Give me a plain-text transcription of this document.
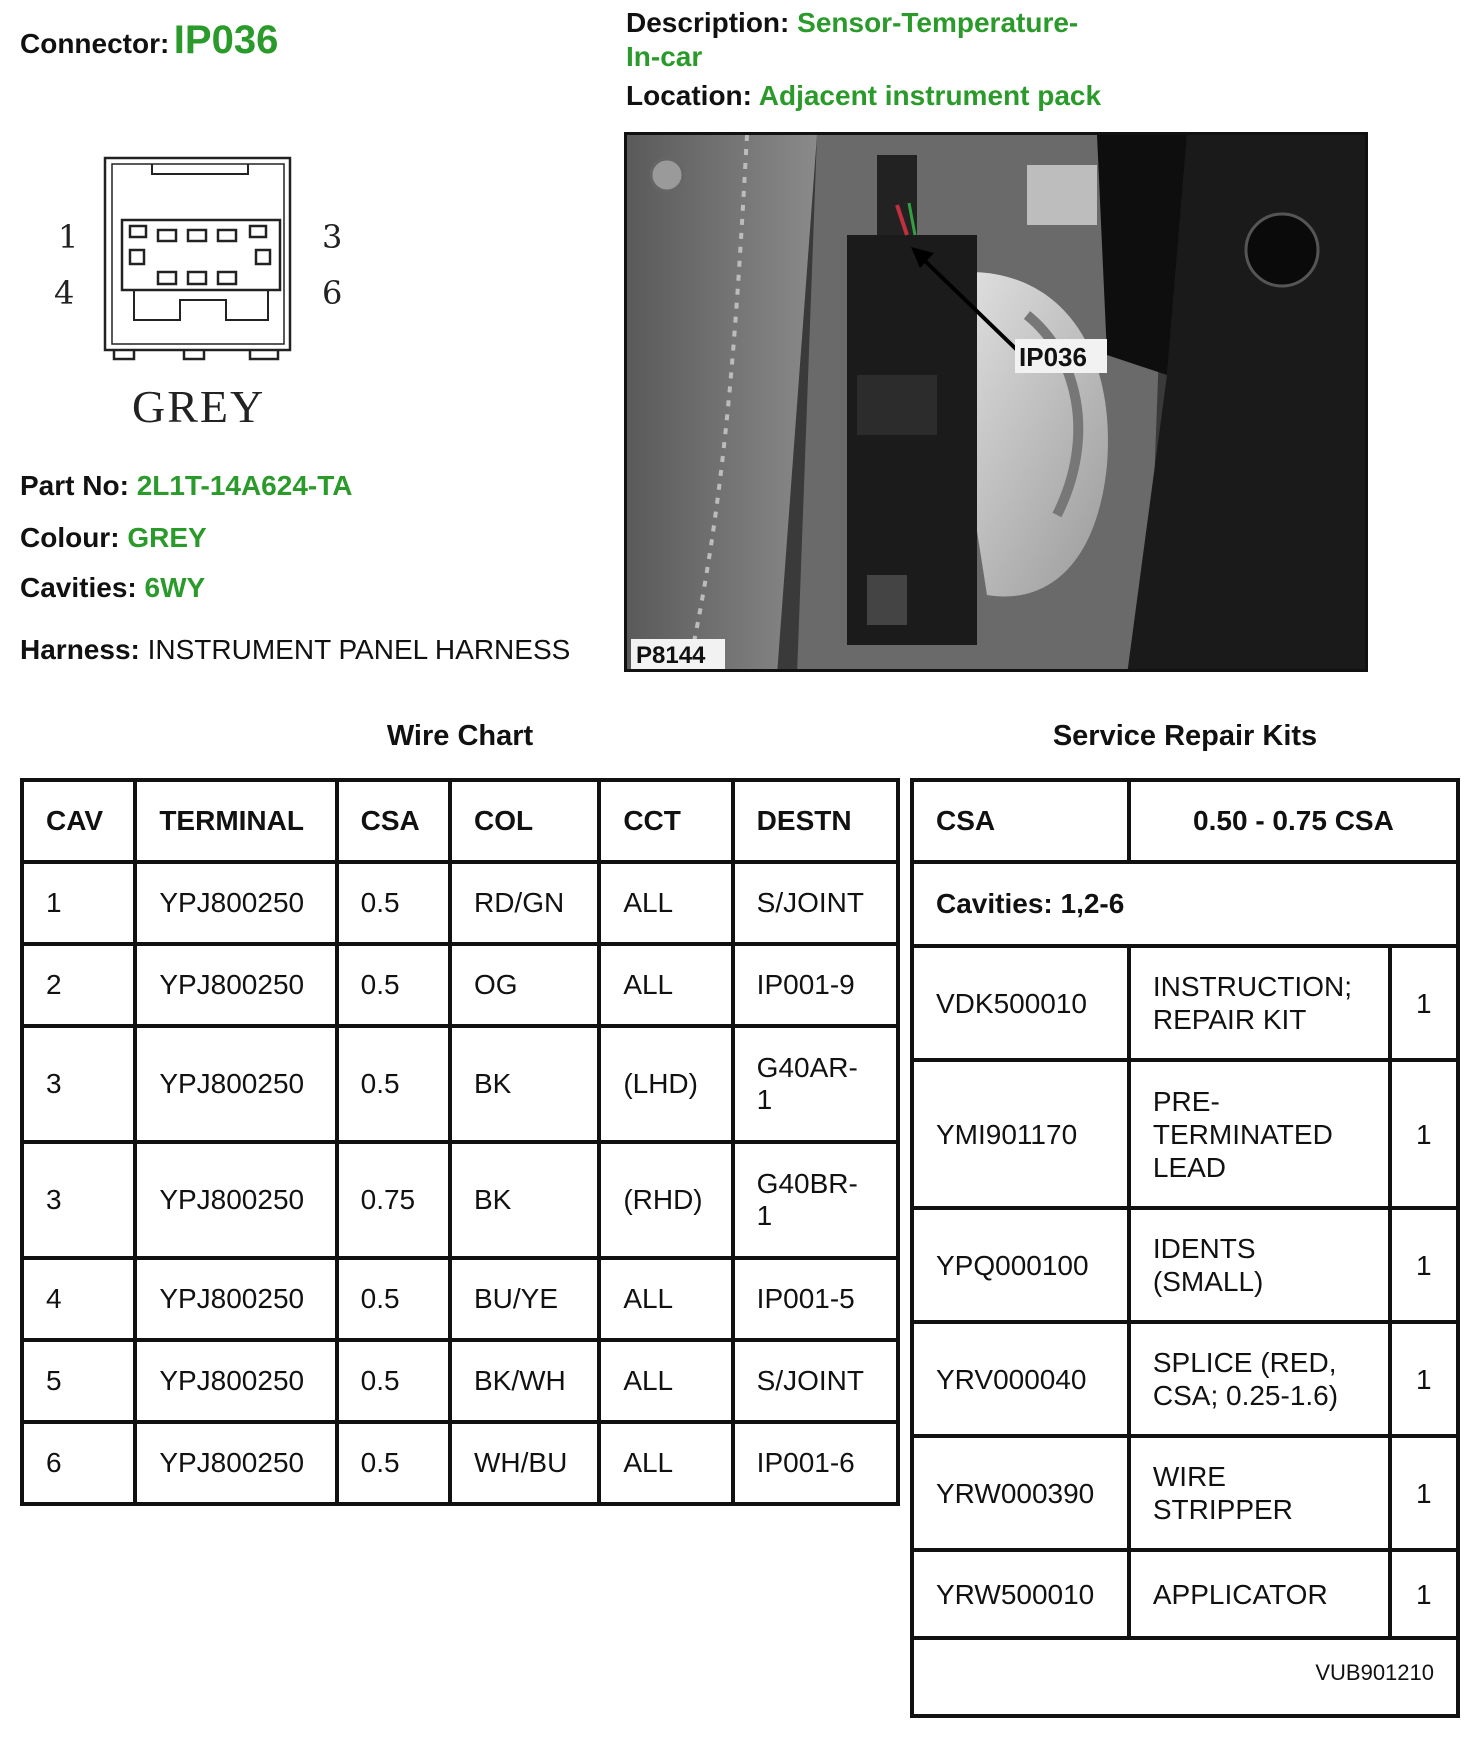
Connector: IP036	Description: Sensor-Temperature-
In-car
Location: Adjacent instrument pack
1	3
4	6
GREY
Part No: 2L1T-14A624-TA
Colour: GREY
Cavities: 6WY
Harness: INSTRUMENT PANEL HARNESS
IP036
P8144
Wire Chart
CAV	TERMINAL	CSA	COL	CCT	DESTN
1	YPJ800250	0.5	RD/GN	ALL	S/JOINT
2	YPJ800250	0.5	OG	ALL	IP001-9
3	YPJ800250	0.5	BK	(LHD)	G40AR-
1
3	YPJ800250	0.75	BK	(RHD)	G40BR-
1
4	YPJ800250	0.5	BU/YE	ALL	IP001-5
5	YPJ800250	0.5	BK/WH	ALL	S/JOINT
6	YPJ800250	0.5	WH/BU	ALL	IP001-6
Service Repair Kits
CSA	0.50 - 0.75 CSA	
Cavities: 1,2-6		
VDK500010	INSTRUCTION;
REPAIR KIT	1
YMI901170	PRE-
TERMINATED
LEAD	1
YPQ000100	IDENTS
(SMALL)	1
YRV000040	SPLICE (RED,
CSA; 0.25-1.6)	1
YRW000390	WIRE
STRIPPER	1
YRW500010	APPLICATOR	1
VUB901210		
